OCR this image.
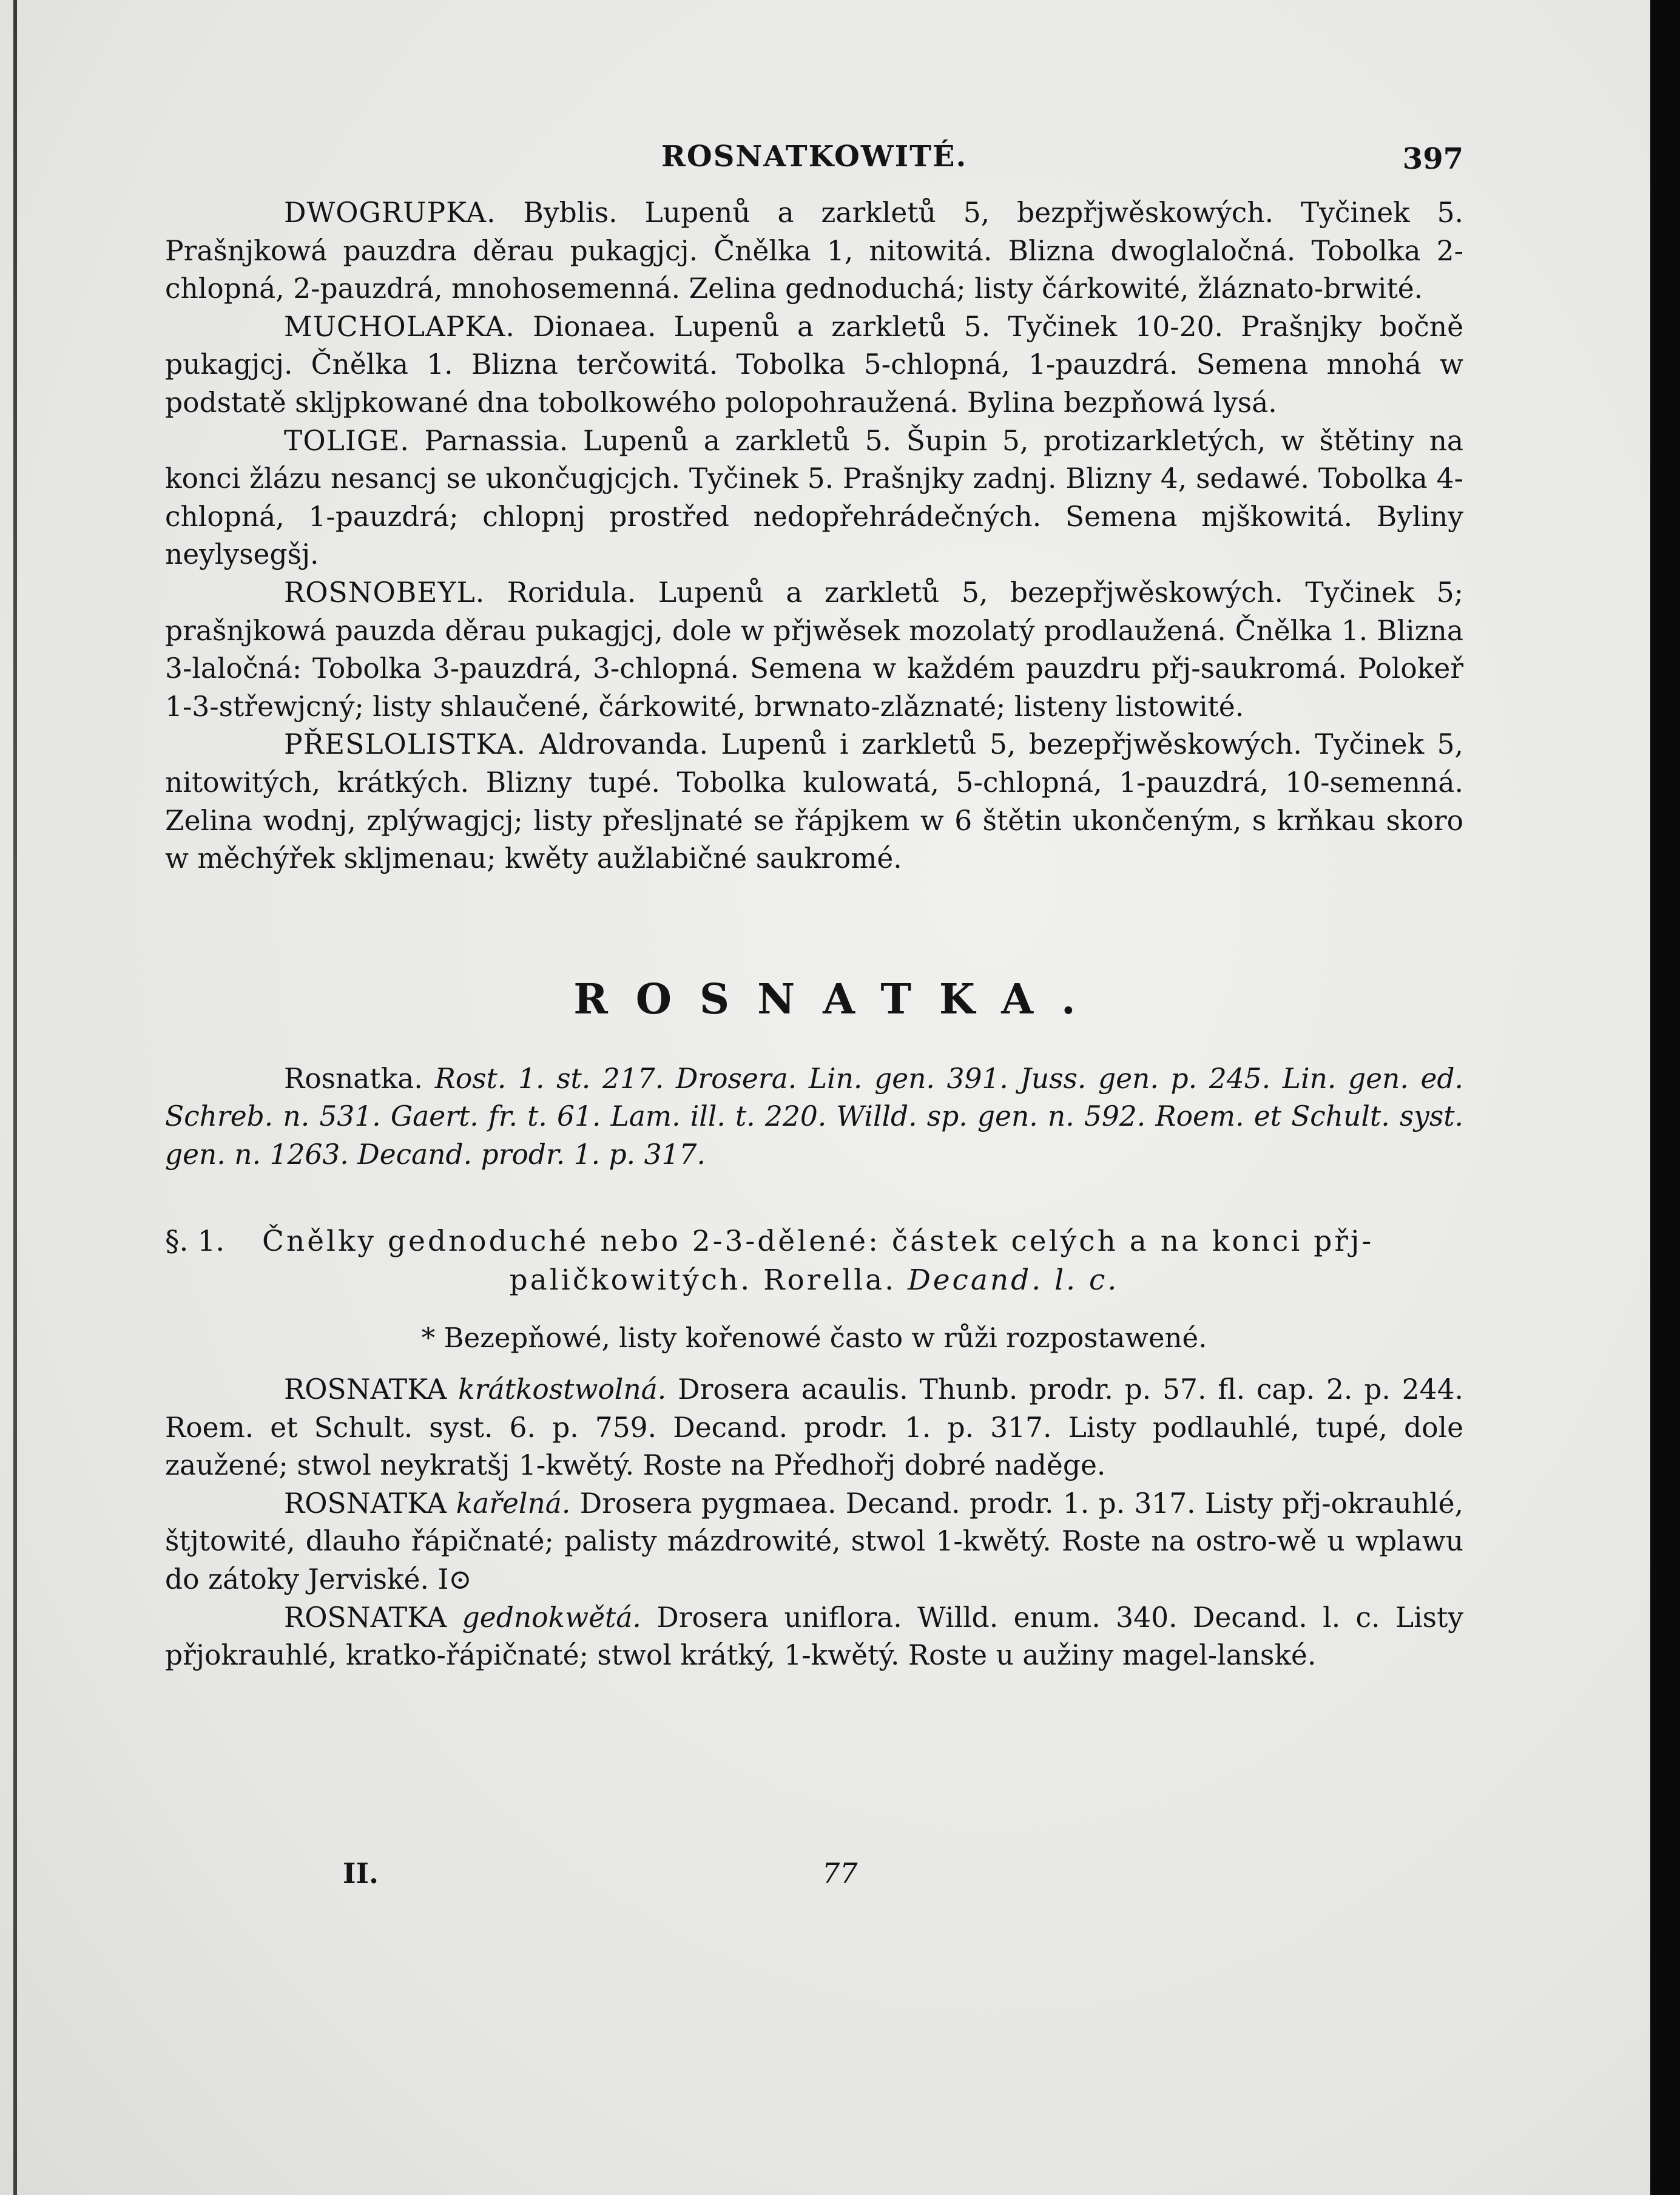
ROSNATKOWITÉ.	397

DWOGRUPKA. Byblis. Lupenů a zarkletů 5, bezpřjwěskowých. Tyčinek 5. Prašnjkowá pauzdra děrau pukagjcj. Čnělka 1, nitowitá. Blizna dwoglaločná. Tobolka 2-chlopná, 2-pauzdrá, mnohosemenná. Zelina gednoduchá; listy čárkowité, žláznato-brwité.

MUCHOLAPKA. Dionaea. Lupenů a zarkletů 5. Tyčinek 10-20. Prašnjky bočně pukagjcj. Čnělka 1. Blizna terčowitá. Tobolka 5-chlopná, 1-pauzdrá. Semena mnohá w podstatě skljpkowané dna tobolkowého polopohraužená. Bylina bezpňowá lysá.

TOLIGE. Parnassia. Lupenů a zarkletů 5. Šupin 5, protizarkletých, w štětiny na konci žlázu nesancj se ukončugjcjch. Tyčinek 5. Prašnjky zadnj. Blizny 4, sedawé. Tobolka 4-chlopná, 1-pauzdrá; chlopnj prostřed nedopřehrádečných. Semena mjškowitá. Byliny neylysegšj.

ROSNOBEYL. Roridula. Lupenů a zarkletů 5, bezepřjwěskowých. Tyčinek 5; prašnjkowá pauzda děrau pukagjcj, dole w přjwěsek mozolatý prodlaužená. Čnělka 1. Blizna 3-laločná: Tobolka 3-pauzdrá, 3-chlopná. Semena w každém pauzdru přj-saukromá. Polokeř 1-3-střewjcný; listy shlaučené, čárkowité, brwnato-zlǎznaté; listeny listowité.

PŘESLOLISTKA. Aldrovanda. Lupenů i zarkletů 5, bezepřjwěskowých. Tyčinek 5, nitowitých, krátkých. Blizny tupé. Tobolka kulowatá, 5-chlopná, 1-pauzdrá, 10-semenná. Zelina wodnj, zplýwagjcj; listy přesljnaté se řápjkem w 6 štětin ukončeným, s krňkau skoro w měchýřek skljmenau; kwěty aužlabičné saukromé.

ROSNATKA.

Rosnatka. Rost. 1. st. 217. Drosera. Lin. gen. 391. Juss. gen. p. 245. Lin. gen. ed. Schreb. n. 531. Gaert. fr. t. 61. Lam. ill. t. 220. Willd. sp. gen. n. 592. Roem. et Schult. syst. gen. n. 1263. Decand. prodr. 1. p. 317.

§. 1. Čnělky gednoduché nebo 2-3-dělené: částek celých a na konci přj-
paličkowitých. Rorella. Decand. l. c.
* Bezepňowé, listy kořenowé často w růži rozpostawené.

ROSNATKA krátkostwolná. Drosera acaulis. Thunb. prodr. p. 57. fl. cap. 2. p. 244. Roem. et Schult. syst. 6. p. 759. Decand. prodr. 1. p. 317. Listy podlauhlé, tupé, dole zaužené; stwol neykratšj 1-kwětý. Roste na Předhořj dobré naděge.

ROSNATKA kařelná. Drosera pygmaea. Decand. prodr. 1. p. 317. Listy přj-okrauhlé, štjtowité, dlauho řápičnaté; palisty mázdrowité, stwol 1-kwětý. Roste na ostro-wě u wplawu do zátoky Jerviské. I⊙

ROSNATKA gednokwětá. Drosera uniflora. Willd. enum. 340. Decand. l. c. Listy přjokrauhlé, kratko-řápičnaté; stwol krátký, 1-kwětý. Roste u aužiny magel-lanské.

II.	77
